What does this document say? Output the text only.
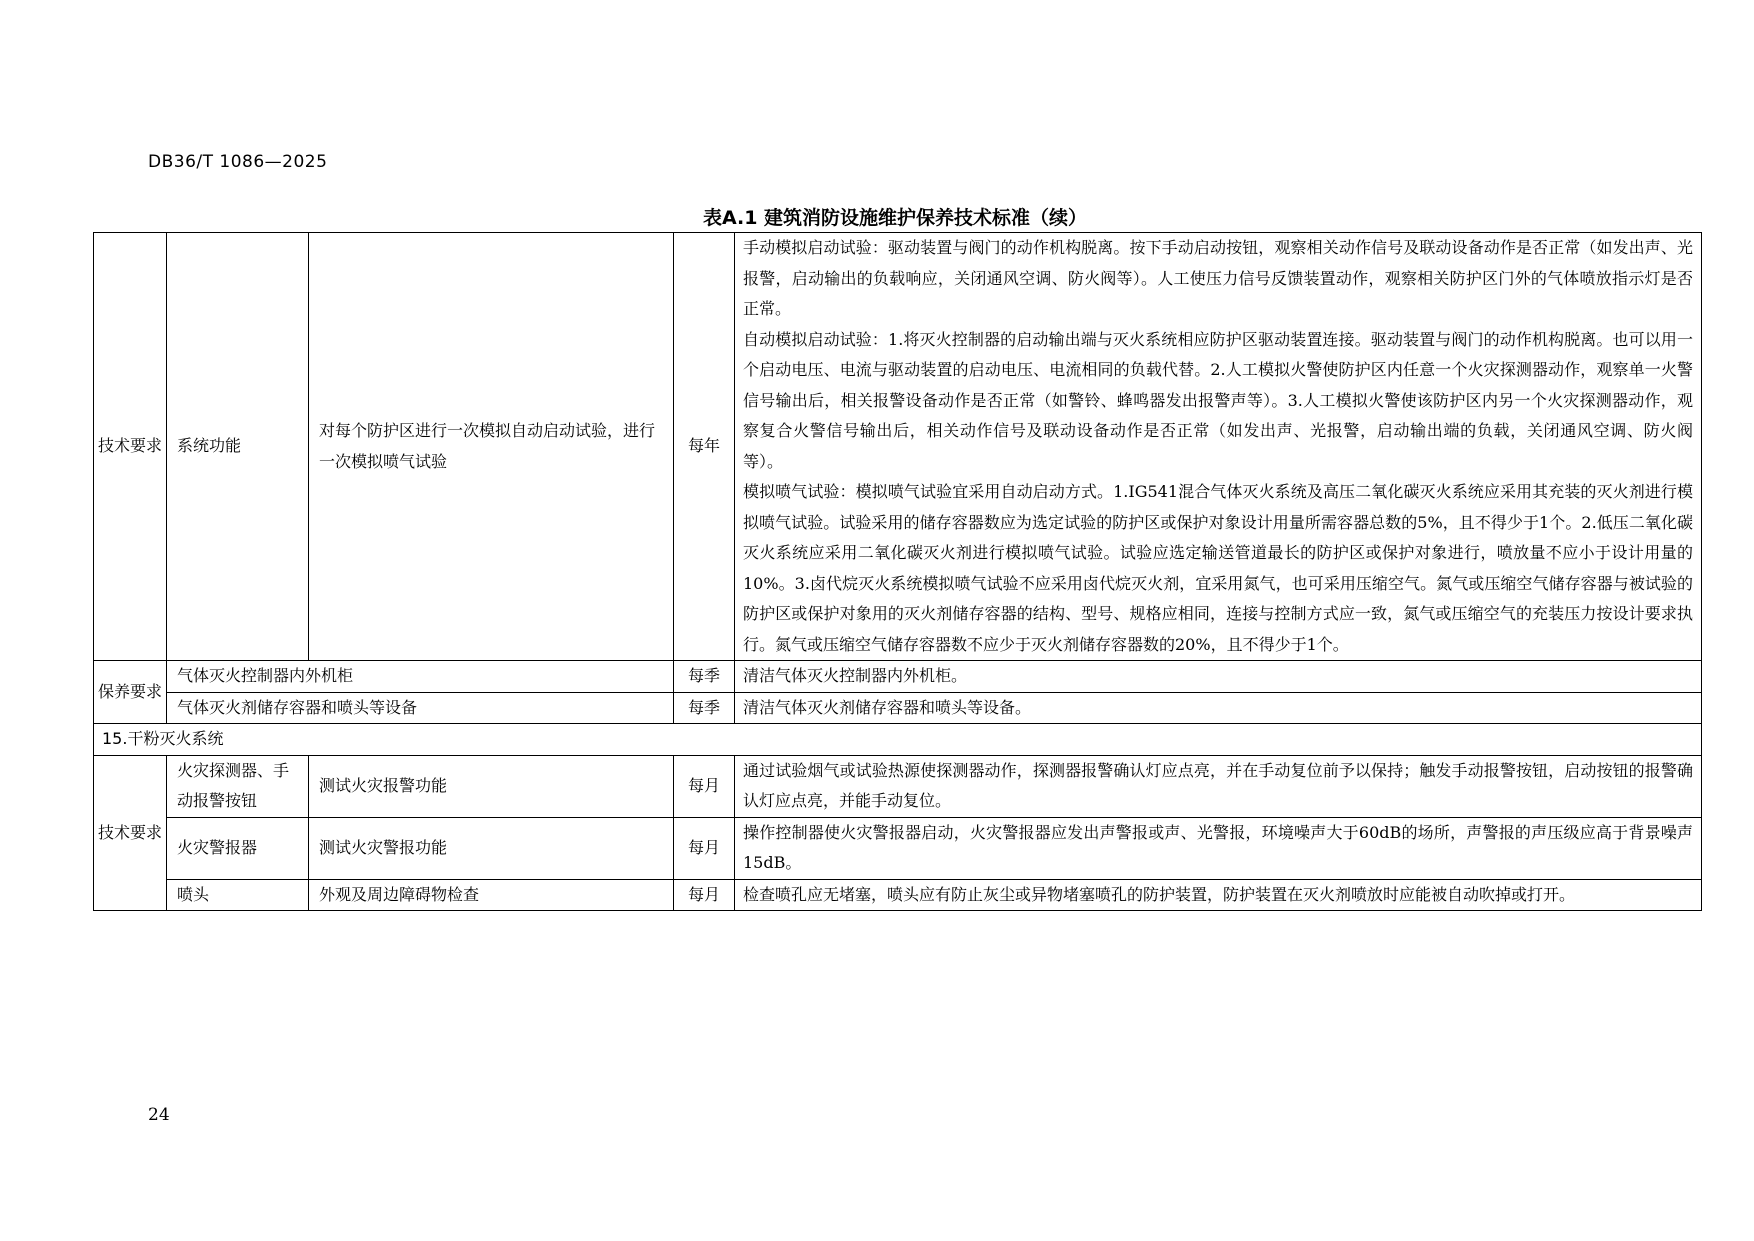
DB36/T 1086—2025
表A.1 建筑消防设施维护保养技术标准（续）
技术要求	系统功能	对每个防护区进行一次模拟自动启动试验，进行一次模拟喷气试验	每年	手动模拟启动试验：驱动装置与阀门的动作机构脱离。按下手动启动按钮，观察相关动作信号及联动设备动作是否正常（如发出声、光报警，启动输出的负载响应，关闭通风空调、防火阀等）。人工使压力信号反馈装置动作，观察相关防护区门外的气体喷放指示灯是否正常。
自动模拟启动试验：1.将灭火控制器的启动输出端与灭火系统相应防护区驱动装置连接。驱动装置与阀门的动作机构脱离。也可以用一个启动电压、电流与驱动装置的启动电压、电流相同的负载代替。2.人工模拟火警使防护区内任意一个火灾探测器动作，观察单一火警信号输出后，相关报警设备动作是否正常（如警铃、蜂鸣器发出报警声等）。3.人工模拟火警使该防护区内另一个火灾探测器动作，观察复合火警信号输出后，相关动作信号及联动设备动作是否正常（如发出声、光报警，启动输出端的负载，关闭通风空调、防火阀等）。
模拟喷气试验：模拟喷气试验宜采用自动启动方式。1.IG541混合气体灭火系统及高压二氧化碳灭火系统应采用其充装的灭火剂进行模拟喷气试验。试验采用的储存容器数应为选定试验的防护区或保护对象设计用量所需容器总数的5%，且不得少于1个。2.低压二氧化碳灭火系统应采用二氧化碳灭火剂进行模拟喷气试验。试验应选定输送管道最长的防护区或保护对象进行，喷放量不应小于设计用量的10%。3.卤代烷灭火系统模拟喷气试验不应采用卤代烷灭火剂，宜采用氮气，也可采用压缩空气。氮气或压缩空气储存容器与被试验的防护区或保护对象用的灭火剂储存容器的结构、型号、规格应相同，连接与控制方式应一致，氮气或压缩空气的充装压力按设计要求执行。氮气或压缩空气储存容器数不应少于灭火剂储存容器数的20%，且不得少于1个。

保养要求	气体灭火控制器内外机柜		每季	清洁气体灭火控制器内外机柜。
	气体灭火剂储存容器和喷头等设备		每季	清洁气体灭火剂储存容器和喷头等设备。
15.干粉灭火系统				
技术要求	火灾探测器、手动报警按钮	测试火灾报警功能	每月	通过试验烟气或试验热源使探测器动作，探测器报警确认灯应点亮，并在手动复位前予以保持；触发手动报警按钮，启动按钮的报警确认灯应点亮，并能手动复位。
	火灾警报器	测试火灾警报功能	每月	操作控制器使火灾警报器启动，火灾警报器应发出声警报或声、光警报，环境噪声大于60dB的场所，声警报的声压级应高于背景噪声15dB。
	喷头	外观及周边障碍物检查	每月	检查喷孔应无堵塞，喷头应有防止灰尘或异物堵塞喷孔的防护装置，防护装置在灭火剂喷放时应能被自动吹掉或打开。
24
